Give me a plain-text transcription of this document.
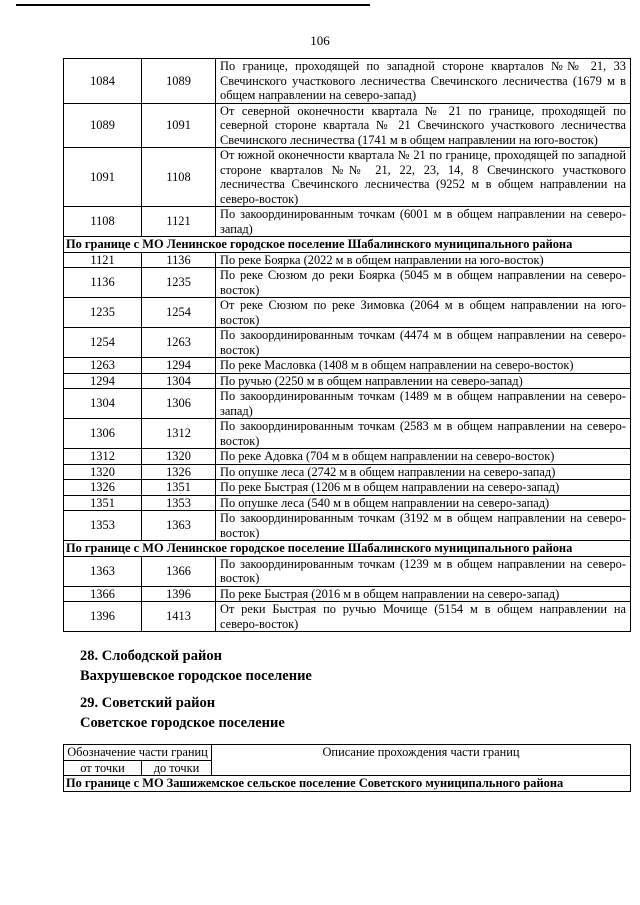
106
1084	1089	По границе, проходящей по западной стороне кварталов №№ 21, 33 Свечинского участкового лесничества Свечинского лесничества (1679 м в общем направлении на северо-запад)
1089	1091	От северной оконечности квартала № 21 по границе, проходящей по северной стороне квартала № 21 Свечинского участкового лесничества Свечинского лесничества (1741 м в общем направлении на юго-восток)
1091	1108	От южной оконечности квартала № 21 по границе, проходящей по западной стороне кварталов №№ 21, 22, 23, 14, 8 Свечинского участкового лесничества Свечинского лесничества (9252 м в общем направлении на северо-восток)
1108	1121	По закоординированным точкам (6001 м в общем направлении на северо-запад)
По границе с МО Ленинское городское поселение Шабалинского муниципального района		
1121	1136	По реке Боярка (2022 м в общем направлении на юго-восток)
1136	1235	По реке Сюзюм до реки Боярка (5045 м в общем направлении на северо-восток)
1235	1254	От реке Сюзюм по реке Зимовка (2064 м в общем направлении на юго-восток)
1254	1263	По закоординированным точкам (4474 м в общем направлении на северо-восток)
1263	1294	По реке Масловка (1408 м в общем направлении на северо-восток)
1294	1304	По ручью (2250 м в общем направлении на северо-запад)
1304	1306	По закоординированным точкам (1489 м в общем направлении на северо-запад)
1306	1312	По закоординированным точкам (2583 м в общем направлении на северо-восток)
1312	1320	По реке Адовка (704 м в общем направлении на северо-восток)
1320	1326	По опушке леса (2742 м в общем направлении на северо-запад)
1326	1351	По реке Быстрая (1206 м в общем направлении на северо-запад)
1351	1353	По опушке леса (540 м в общем направлении на северо-запад)
1353	1363	По закоординированным точкам (3192 м в общем направлении на северо-восток)
По границе с МО Ленинское городское поселение Шабалинского муниципального района		
1363	1366	По закоординированным точкам (1239 м в общем направлении на северо-восток)
1366	1396	По реке Быстрая (2016 м в общем направлении на северо-запад)
1396	1413	От реки Быстрая по ручью Мочище (5154 м в общем направлении на северо-восток)
28. Слободской район
Вахрушевское городское поселение
29. Советский район
Советское городское поселение
Обозначение части границ		Описание прохождения части границ
от точки	до точки	
По границе с МО Зашижемское сельское поселение Советского муниципального района		
